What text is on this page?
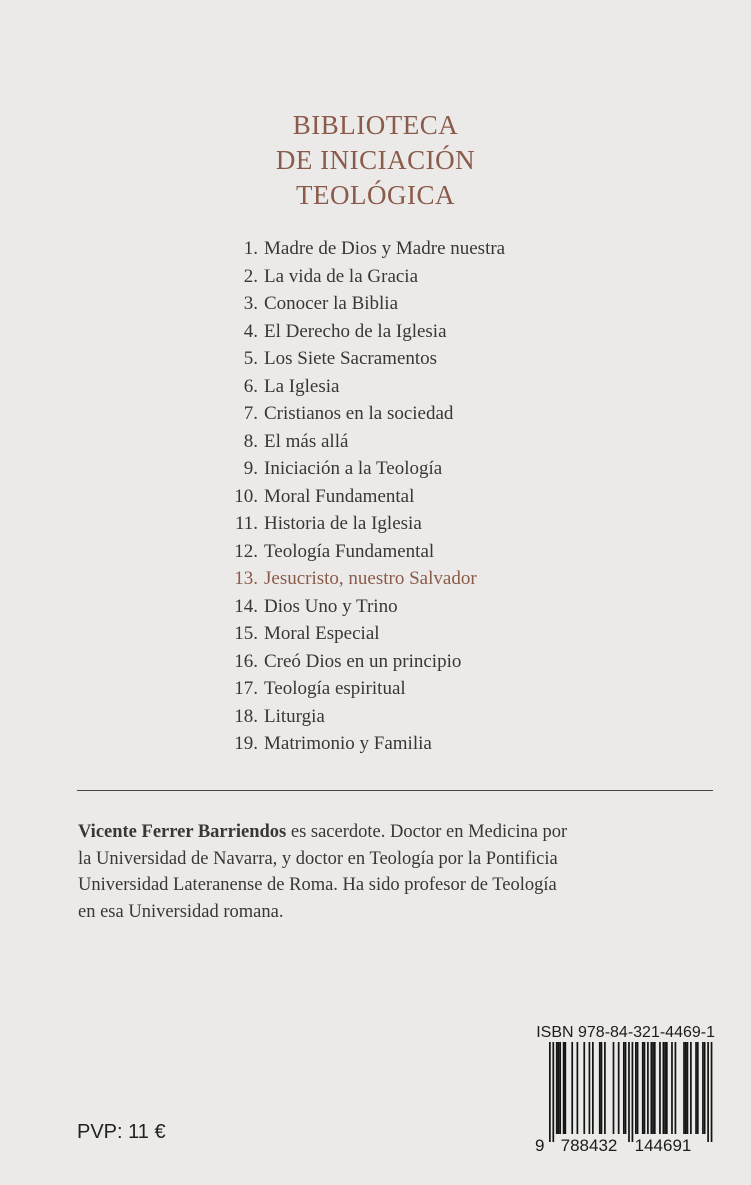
BIBLIOTECA
DE INICIACIÓN
TEOLÓGICA
1. Madre de Dios y Madre nuestra
2. La vida de la Gracia
3. Conocer la Biblia
4. El Derecho de la Iglesia
5. Los Siete Sacramentos
6. La Iglesia
7. Cristianos en la sociedad
8. El más allá
9. Iniciación a la Teología
10. Moral Fundamental
11. Historia de la Iglesia
12. Teología Fundamental
13. Jesucristo, nuestro Salvador
14. Dios Uno y Trino
15. Moral Especial
16. Creó Dios en un principio
17. Teología espiritual
18. Liturgia
19. Matrimonio y Familia
Vicente Ferrer Barriendos es sacerdote. Doctor en Medicina por
la Universidad de Navarra, y doctor en Teología por la Pontificia
Universidad Lateranense de Roma. Ha sido profesor de Teología
en esa Universidad romana.
ISBN 978-84-321-4469-1
9 788432 144691
PVP: 11 €
